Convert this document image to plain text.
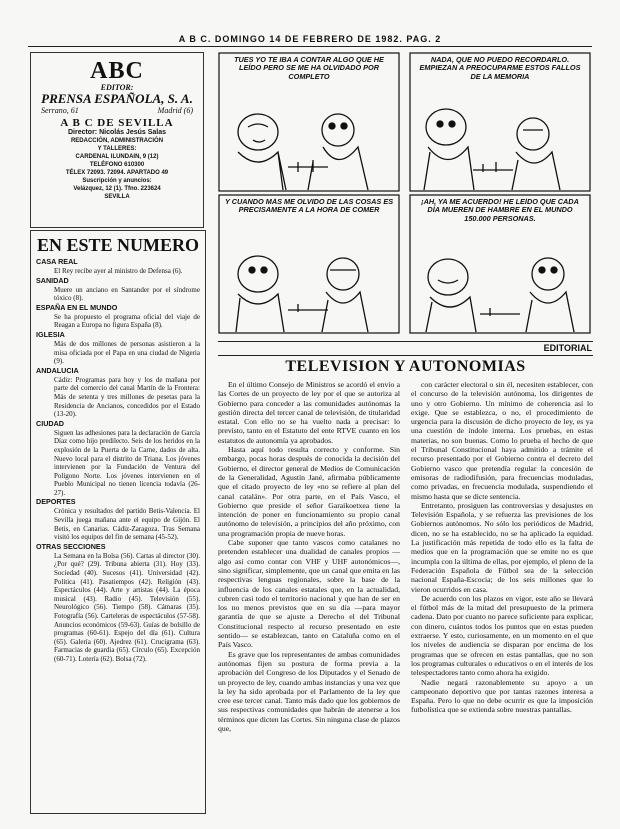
A B C. DOMINGO 14 DE FEBRERO DE 1982. PAG. 2
ABC
EDITOR:
PRENSA ESPAÑOLA, S. A.
Serrano, 61	Madrid (6)
A B C DE SEVILLA
Director: Nicolás Jesús Salas
REDACCIÓN, ADMINISTRACIÓN
Y TALLERES:
CARDENAL ILUNDAIN, 9 (12)
TELÉFONO 610300
TÉLEX 72093. 72094. APARTADO 49
Suscripción y anuncios:
Velázquez, 12 (1). Tfno. 223624
SEVILLA
EN ESTE NUMERO
CASA REAL
El Rey recibe ayer al ministro de Defensa (6).
SANIDAD
Muere un anciano en Santander por el síndrome tóxico (8).
ESPAÑA EN EL MUNDO
Se ha propuesto el programa oficial del viaje de Reagan a Europa no figura España (8).
IGLESIA
Más de dos millones de personas asistieron a la misa oficiada por el Papa en una ciudad de Nigeria (9).
ANDALUCIA
Cádiz: Programas para hoy y los de mañana por parte del comercio del canal Martín de la Frontera: Más de setenta y tres millones de pesetas para la Residencia de Ancianos, concedidos por el Estado (13-20).
CIUDAD
Siguen las adhesiones para la declaración de García Díaz como hijo predilecto. Seis de los heridos en la explosión de la Puerta de la Carne, dados de alta. Nuevo local para el distrito de Triana. Los jóvenes intervienen por la Fundación de Ventura del Polígono Norte. Los jóvenes intervienen en el Pueblo Municipal no tienen licencia todavía (26-27).
DEPORTES
Crónica y resultados del partido Betis-Valencia. El Sevilla juega mañana ante el equipo de Gijón. El Betis, en Canarias. Cádiz-Zaragoza. Tras Semana visitó los equipos del fin de semana (45-52).
OTRAS SECCIONES
La Semana en la Bolsa (56). Cartas al director (30). ¿Por qué? (29). Tribuna abierta (31). Hoy (33). Sociedad (40). Sucesos (41). Universidad (42). Política (41). Pasatiempos (42). Religión (43). Espectáculos (44). Arte y artistas (44). La época musical (43). Radio (45). Televisión (55). Neurológico (56). Tiempo (58). Cámaras (35). Fotografía (56). Carteleras de espectáculos (57-58). Anuncios económicos (59-63). Guías de bolsillo de programas (60-61). Espejo del día (61). Cultura (65). Galería (60). Ajedrez (61). Crucigrama (63). Farmacias de guardia (65). Círculo (65). Excepción (60-71). Lotería (62). Bolsa (72).
TUES YO TE IBA A CONTAR ALGO QUE HE LEÍDO PERO SE ME HA OLVIDADO POR COMPLETO
NADA, QUE NO PUEDO RECORDARLO. EMPIEZAN A PREOCUPARME ESTOS FALLOS DE LA MEMORIA
Y CUANDO MÁS ME OLVIDO DE LAS COSAS ES PRECISAMENTE A LA HORA DE COMER
¡AH, YA ME ACUERDO! HE LEÍDO QUE CADA DÍA MUEREN DE HAMBRE EN EL MUNDO 150.000 PERSONAS.
EDITORIAL
TELEVISION Y AUTONOMIAS

En el último Consejo de Ministros se acordó el envío a las Cortes de un proyecto de ley por el que se autoriza al Gobierno para conceder a las comunidades autónomas la gestión directa del tercer canal de televisión, de titularidad estatal. Con ello no se ha vuelto nada a precisar: lo previsto, tanto en el Estatuto del ente RTVE cuanto en los estatutos de autonomía ya aprobados.

Hasta aquí todo resulta correcto y conforme. Sin embargo, pocas horas después de conocida la decisión del Gobierno, el director general de Medios de Comunicación de la Generalidad, Agustín Jané, afirmaba públicamente que el citado proyecto de ley «no se refiere al plan del canal catalán». Por otra parte, en el País Vasco, el Gobierno que preside el señor Garaikoetxea tiene la intención de poner en funcionamiento su propio canal autónomo de televisión, a principios del año próximo, con una programación propia de nueve horas.

Cabe suponer que tanto vascos como catalanes no pretenden establecer una dualidad de canales propios —algo así como contar con VHF y UHF autonómicos—, sino significar, simplemente, que un canal que emita en las respectivas lenguas regionales, sobre la base de la influencia de los canales estatales que, en la actualidad, cubren casi todo el territorio nacional y que han de ser en los no menos previstos que en su día —para mayor garantía de que se ajuste a Derecho el del Tribunal Constitucional respecto al recurso presentado en este sentido— se establezcan, tanto en Cataluña como en el País Vasco.

Es grave que los representantes de ambas comunidades autónomas fijen su postura de forma previa a la aprobación del Congreso de los Diputados y el Senado de un proyecto de ley, cuando ambas instancias y una vez que la ley ha sido aprobada por el Parlamento de la ley que cree ese tercer canal. Tanto más dado que los gobiernos de sus respectivas comunidades que habrán de atenerse a los términos que dicten las Cortes. Sin ninguna clase de plazos que,

con carácter electoral o sin él, necesiten establecer, con el concurso de la televisión autónoma, los dirigentes de uno y otro Gobierno. Un mínimo de coherencia así lo exige. Que se establezca, o no, el procedimiento de urgencia para la discusión de dicho proyecto de ley, es ya una cuestión de índole interna. Los pruebas, en estas materias, no son buenas. Como lo prueba el hecho de que el Tribunal Constitucional haya admitido a trámite el recurso presentado por el Gobierno contra el decreto del Gobierno vasco que pretendía regular la concesión de emisoras de radiodifusión, para frecuencias moduladas, como privadas, en frecuencia modulada, suspendiendo el mismo hasta que se dicte sentencia.

Entretanto, prosiguen las controversias y desajustes en Televisión Española, y se refuerza las previsiones de los Gobiernos autónomos. No sólo los periódicos de Madrid, dicen, no se ha establecido, no se ha aplicado la equidad. La justificación más repetida de todo ello es la falta de medios que en la programación que se emite no es que incumpla con la última de ellas, por ejemplo, el pleno de la Federación Española de Fútbol sea de la selección nacional España-Escocia; de los seis millones que lo vieron ocurridos en casa.

De acuerdo con los plazos en vigor, este año se llevará el fútbol más de la mitad del presupuesto de la primera cadena. Dato por cuanto no parece suficiente para explicar, con dinero, cuántos todos los puntos que en estas pueden extraerse. Y esto, curiosamente, en un momento en el que los niveles de audiencia se disparan por encima de los programas que se ofrecen en estas pantallas, que no son los programas culturales o educativos o en el interés de los telespectadores tanto como ahora ha exigido.

Nadie negará razonablemente su apoyo a un campeonato deportivo que por tantas razones interesa a España. Pero lo que no debe ocurrir es que la imposición futbolística que se extienda sobre nuestras pantallas.
